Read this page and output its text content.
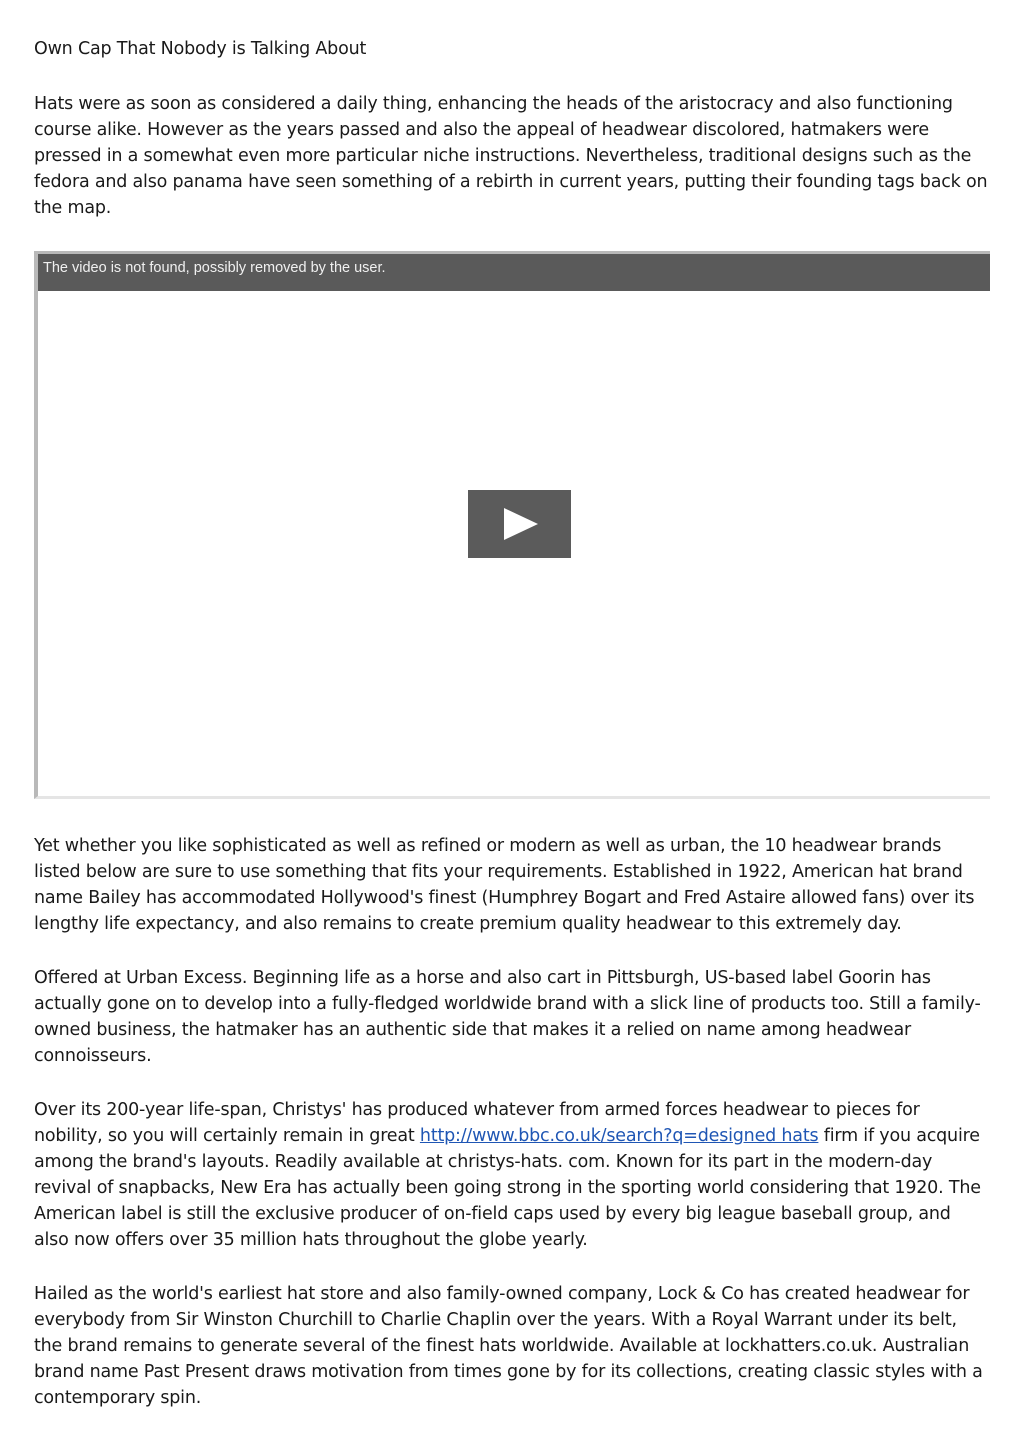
Own Cap That Nobody is Talking About

Hats were as soon as considered a daily thing, enhancing the heads of the aristocracy and also functioning course alike. However as the years passed and also the appeal of headwear discolored, hatmakers were pressed in a somewhat even more particular niche instructions. Nevertheless, traditional designs such as the fedora and also panama have seen something of a rebirth in current years, putting their founding tags back on the map.

The video is not found, possibly removed by the user.

Yet whether you like sophisticated as well as refined or modern as well as urban, the 10 headwear brands listed below are sure to use something that fits your requirements. Established in 1922, American hat brand name Bailey has accommodated Hollywood's finest (Humphrey Bogart and Fred Astaire allowed fans) over its lengthy life expectancy, and also remains to create premium quality headwear to this extremely day.

Offered at Urban Excess. Beginning life as a horse and also cart in Pittsburgh, US-based label Goorin has actually gone on to develop into a fully-fledged worldwide brand with a slick line of products too. Still a family-owned business, the hatmaker has an authentic side that makes it a relied on name among headwear connoisseurs.

Over its 200-year life-span, Christys' has produced whatever from armed forces headwear to pieces for nobility, so you will certainly remain in great http://www.bbc.co.uk/search?q=designed hats firm if you acquire among the brand's layouts. Readily available at christys-hats. com. Known for its part in the modern-day revival of snapbacks, New Era has actually been going strong in the sporting world considering that 1920. The American label is still the exclusive producer of on-field caps used by every big league baseball group, and also now offers over 35 million hats throughout the globe yearly.

Hailed as the world's earliest hat store and also family-owned company, Lock & Co has created headwear for everybody from Sir Winston Churchill to Charlie Chaplin over the years. With a Royal Warrant under its belt, the brand remains to generate several of the finest hats worldwide. Available at lockhatters.co.uk. Australian brand name Past Present draws motivation from times gone by for its collections, creating classic styles with a contemporary spin.
